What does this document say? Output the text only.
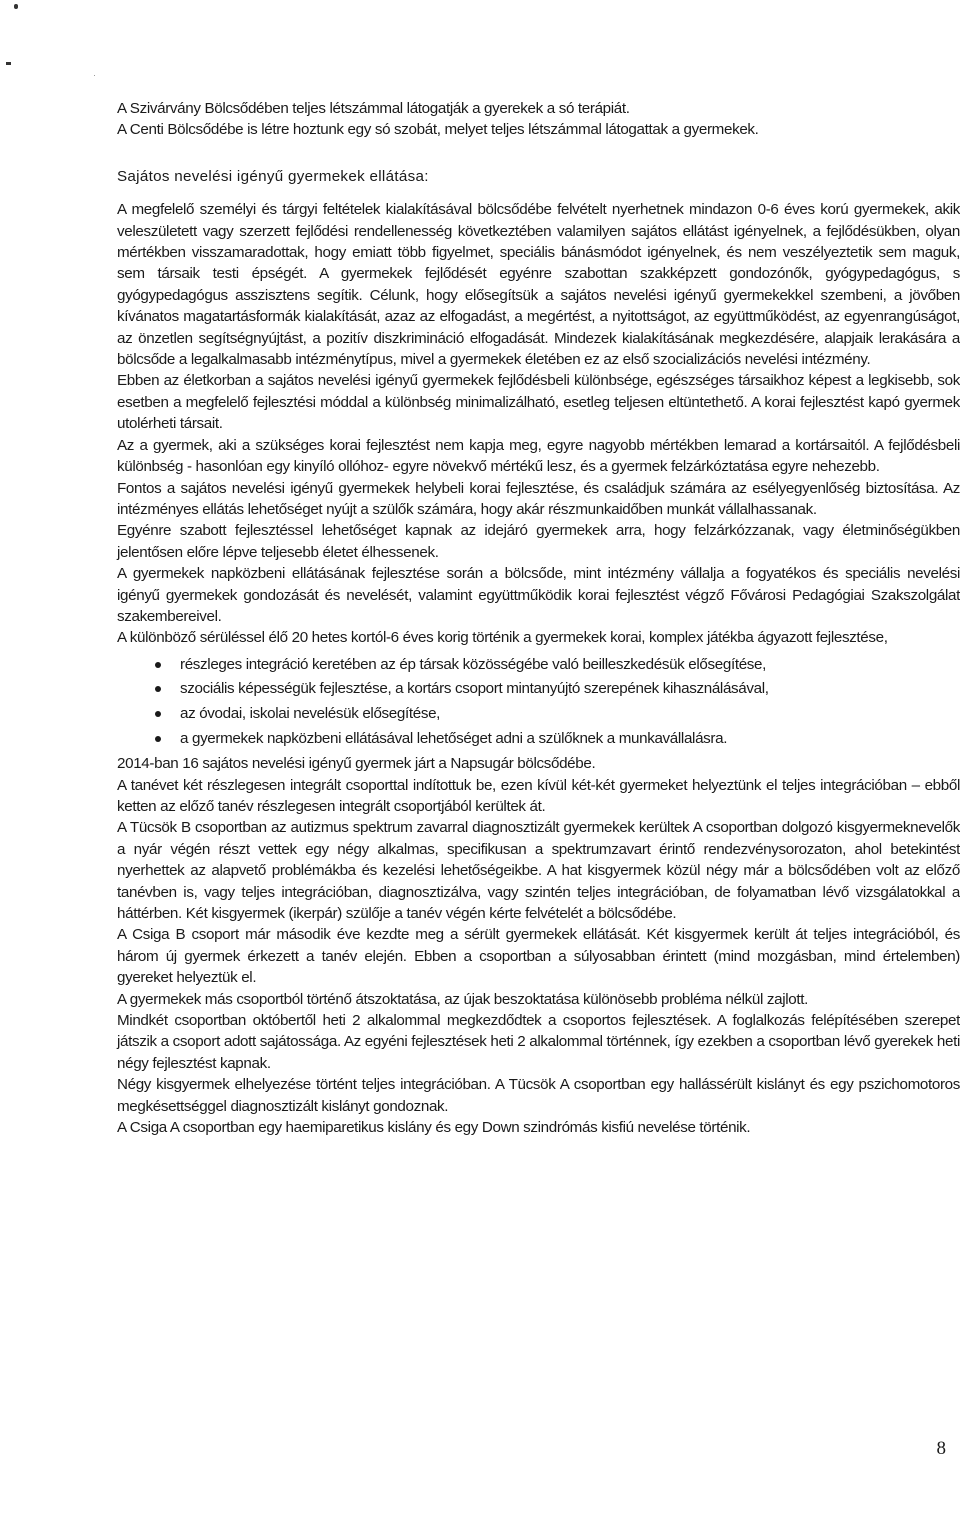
A Szivárvány Bölcsődében teljes létszámmal látogatják a gyerekek a só terápiát.

A Centi Bölcsődébe is létre hoztunk egy só szobát, melyet teljes létszámmal látogattak a gyermekek.

Sajátos nevelési igényű gyermekek ellátása:

A megfelelő személyi és tárgyi feltételek kialakításával bölcsődébe felvételt nyerhetnek mindazon 0-6 éves korú gyermekek, akik veleszületett vagy szerzett fejlődési rendellenesség következtében valamilyen sajátos ellátást igényelnek, a fejlődésükben, olyan mértékben visszamaradottak, hogy emiatt több figyelmet, speciális bánásmódot igényelnek, és nem veszélyeztetik sem maguk, sem társaik testi épségét. A gyermekek fejlődését egyénre szabottan szakképzett gondozónők, gyógypedagógus, s gyógypedagógus asszisztens segítik. Célunk, hogy elősegítsük a sajátos nevelési igényű gyermekekkel szembeni, a jövőben kívánatos magatartásformák kialakítását, azaz az elfogadást, a megértést, a nyitottságot, az együttműködést, az egyenrangúságot, az önzetlen segítségnyújtást, a pozitív diszkrimináció elfogadását. Mindezek kialakításának megkezdésére, alapjaik lerakására a bölcsőde a legalkalmasabb intézménytípus, mivel a gyermekek életében ez az első szocializációs nevelési intézmény.

Ebben az életkorban a sajátos nevelési igényű gyermekek fejlődésbeli különbsége, egészséges társaikhoz képest a legkisebb, sok esetben a megfelelő fejlesztési móddal a különbség minimalizálható, esetleg teljesen eltüntethető. A korai fejlesztést kapó gyermek utolérheti társait.

Az a gyermek, aki a szükséges korai fejlesztést nem kapja meg, egyre nagyobb mértékben lemarad a kortársaitól. A fejlődésbeli különbség - hasonlóan egy kinyíló ollóhoz- egyre növekvő mértékű lesz, és a gyermek felzárkóztatása egyre nehezebb.

Fontos a sajátos nevelési igényű gyermekek helybeli korai fejlesztése, és családjuk számára az esélyegyenlőség biztosítása. Az intézményes ellátás lehetőséget nyújt a szülők számára, hogy akár részmunkaidőben munkát vállalhassanak.

Egyénre szabott fejlesztéssel lehetőséget kapnak az idejáró gyermekek arra, hogy felzárkózzanak, vagy életminőségükben jelentősen előre lépve teljesebb életet élhessenek.

A gyermekek napközbeni ellátásának fejlesztése során a bölcsőde, mint intézmény vállalja a fogyatékos és speciális nevelési igényű gyermekek gondozását és nevelését, valamint együttműködik korai fejlesztést végző Fővárosi Pedagógiai Szakszolgálat szakembereivel.

A különböző sérüléssel élő 20 hetes kortól-6 éves korig történik a gyermekek korai, komplex játékba ágyazott fejlesztése,

részleges integráció keretében az ép társak közösségébe való beilleszkedésük elősegítése,
szociális képességük fejlesztése, a kortárs csoport mintanyújtó szerepének kihasználásával,
az óvodai, iskolai nevelésük elősegítése,
a gyermekek napközbeni ellátásával lehetőséget adni a szülőknek a munkavállalásra.

2014-ban 16 sajátos nevelési igényű gyermek járt a Napsugár bölcsődébe.

A tanévet két részlegesen integrált csoporttal indítottuk be, ezen kívül két-két gyermeket helyeztünk el teljes integrációban – ebből ketten az előző tanév részlegesen integrált csoportjából kerültek át.

A Tücsök B csoportban az autizmus spektrum zavarral diagnosztizált gyermekek kerültek A csoportban dolgozó kisgyermeknevelők a nyár végén részt vettek egy négy alkalmas, specifikusan a spektrumzavart érintő rendezvénysorozaton, ahol betekintést nyerhettek az alapvető problémákba és kezelési lehetőségeikbe. A hat kisgyermek közül négy már a bölcsődében volt az előző tanévben is, vagy teljes integrációban, diagnosztizálva, vagy szintén teljes integrációban, de folyamatban lévő vizsgálatokkal a háttérben. Két kisgyermek (ikerpár) szülője a tanév végén kérte felvételét a bölcsődébe.

A Csiga B csoport már második éve kezdte meg a sérült gyermekek ellátását. Két kisgyermek került át teljes integrációból, és három új gyermek érkezett a tanév elején. Ebben a csoportban a súlyosabban érintett (mind mozgásban, mind értelemben) gyereket helyeztük el.

A gyermekek más csoportból történő átszoktatása, az újak beszoktatása különösebb probléma nélkül zajlott.

Mindkét csoportban októbertől heti 2 alkalommal megkezdődtek a csoportos fejlesztések. A foglalkozás felépítésében szerepet játszik a csoport adott sajátossága. Az egyéni fejlesztések heti 2 alkalommal történnek, így ezekben a csoportban lévő gyerekek heti négy fejlesztést kapnak.

Négy kisgyermek elhelyezése történt teljes integrációban. A Tücsök A csoportban egy hallássérült kislányt és egy pszichomotoros megkésettséggel diagnosztizált kislányt gondoznak.

A Csiga A csoportban egy haemiparetikus kislány és egy Down szindrómás kisfiú nevelése történik.

8
